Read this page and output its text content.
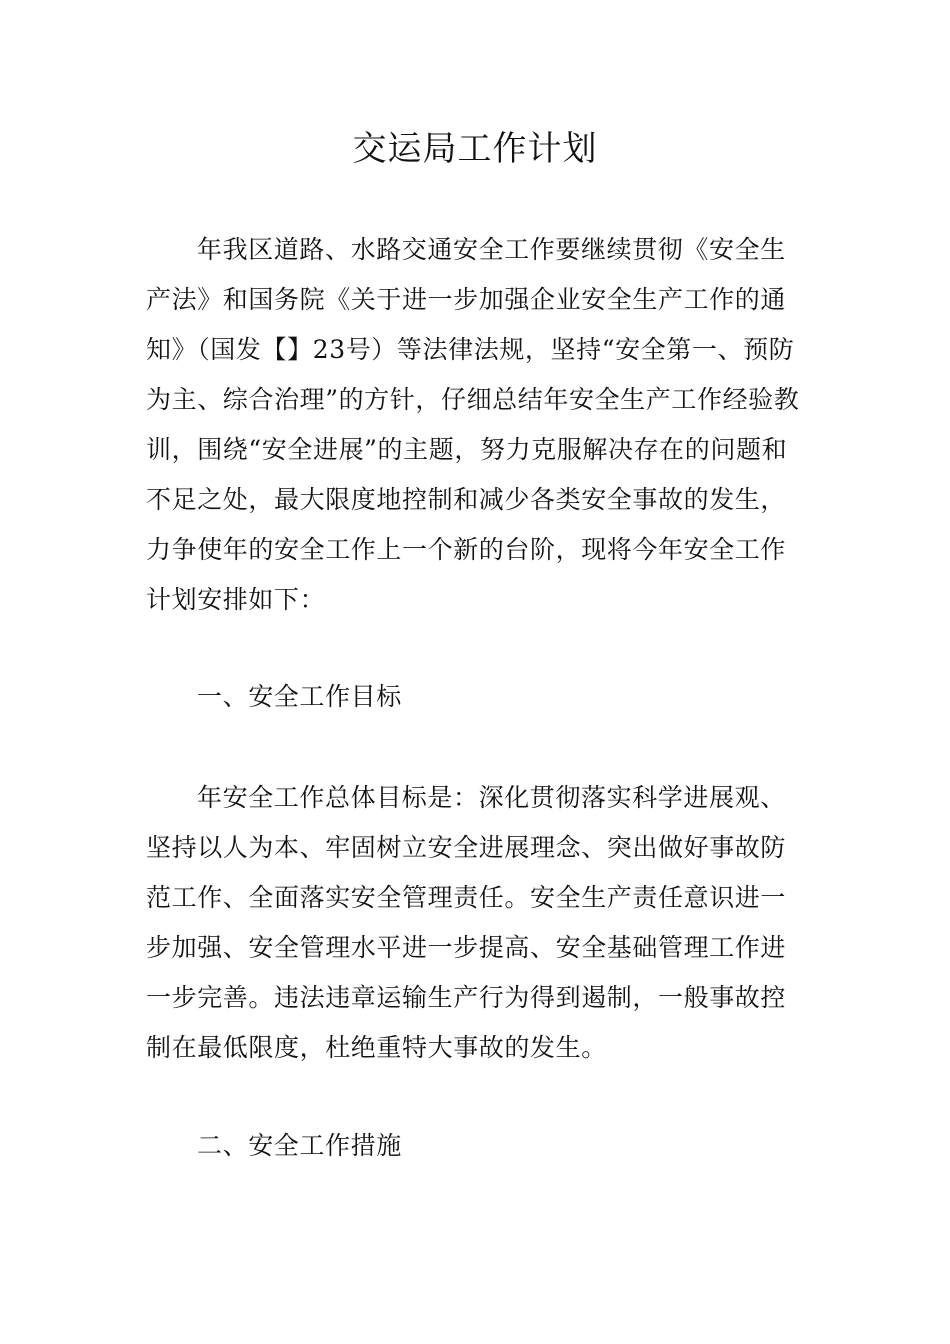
交运局工作计划

年我区道路、水路交通安全工作要继续贯彻《安全生产法》和国务院《关于进一步加强企业安全生产工作的通知》（国发【】23号）等法律法规，坚持“安全第一、预防为主、综合治理”的方针，仔细总结年安全生产工作经验教训，围绕“安全进展”的主题，努力克服解决存在的问题和不足之处，最大限度地控制和减少各类安全事故的发生，力争使年的安全工作上一个新的台阶，现将今年安全工作计划安排如下：

一、安全工作目标

年安全工作总体目标是：深化贯彻落实科学进展观、坚持以人为本、牢固树立安全进展理念、突出做好事故防范工作、全面落实安全管理责任。安全生产责任意识进一步加强、安全管理水平进一步提高、安全基础管理工作进一步完善。违法违章运输生产行为得到遏制，一般事故控制在最低限度，杜绝重特大事故的发生。

二、安全工作措施
